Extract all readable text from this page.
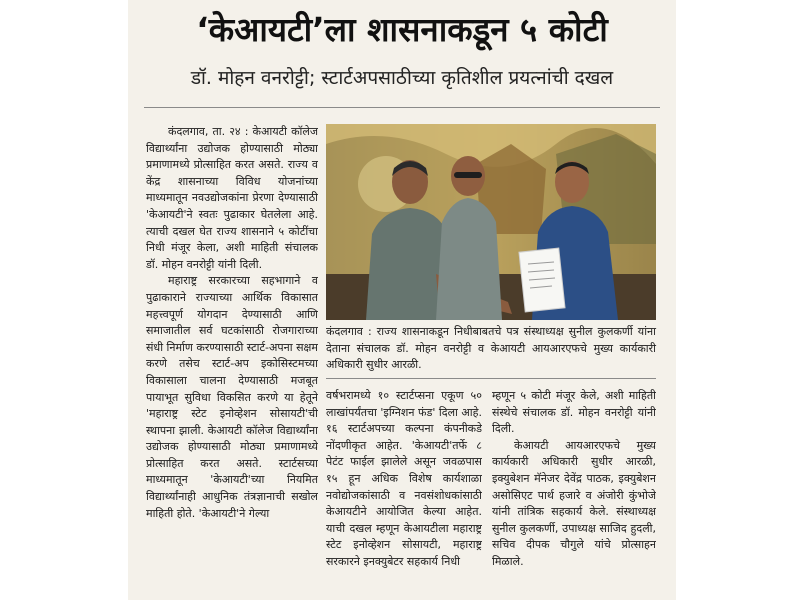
‘केआयटी’ला शासनाकडून ५ कोटी
डॉ. मोहन वनरोट्टी; स्टार्टअपसाठीच्या कृतिशील प्रयत्नांची दखल

कंदलगाव, ता. २४ : केआयटी कॉलेज विद्यार्थ्यांना उद्योजक होण्यासाठी मोठ्या प्रमाणामध्ये प्रोत्साहित करत असते. राज्य व केंद्र शासनाच्या विविध योजनांच्या माध्यमातून नवउद्योजकांना प्रेरणा देण्यासाठी 'केआयटी'ने स्वतः पुढाकार घेतलेला आहे. त्याची दखल घेत राज्य शासनाने ५ कोटींचा निधी मंजूर केला, अशी माहिती संचालक डॉ. मोहन वनरोट्टी यांनी दिली.

महाराष्ट्र सरकारच्या सहभागाने व पुढाकाराने राज्याच्या आर्थिक विकासात महत्त्वपूर्ण योगदान देण्यासाठी आणि समाजातील सर्व घटकांसाठी रोजगाराच्या संधी निर्माण करण्यासाठी स्टार्ट-अपना सक्षम करणे तसेच स्टार्ट-अप इकोसिस्टमच्या विकासाला चालना देण्यासाठी मजबूत पायाभूत सुविधा विकसित करणे या हेतूने 'महाराष्ट्र स्टेट इनोव्हेशन सोसायटी'ची स्थापना झाली. केआयटी कॉलेज विद्यार्थ्यांना उद्योजक होण्यासाठी मोठ्या प्रमाणामध्ये प्रोत्साहित करत असते. स्टार्टसच्या माध्यमातून 'केआयटी'च्या नियमित विद्यार्थ्यांनाही आधुनिक तंत्रज्ञानाची सखोल माहिती होते. 'केआयटी'ने गेल्या

कंदलगाव : राज्य शासनाकडून निधीबाबतचे पत्र संस्थाध्यक्ष सुनील कुलकर्णी यांना देताना संचालक डॉ. मोहन वनरोट्टी व केआयटी आयआरएफचे मुख्य कार्यकारी अधिकारी सुधीर आरळी.

वर्षभरामध्ये १० स्टार्टप्सना एकूण ५० लाखांपर्यंतचा 'इग्निशन फंड' दिला आहे. १६ स्टार्टअपच्या कल्पना कंपनीकडे नोंदणीकृत आहेत. 'केआयटी'तर्फे ८ पेटंट फाईल झालेले असून जवळपास १५ हून अधिक विशेष कार्यशाळा नवोद्योजकांसाठी व नवसंशोधकांसाठी केआयटीने आयोजित केल्या आहेत. याची दखल म्हणून केआयटीला महाराष्ट्र स्टेट इनोव्हेशन सोसायटी, महाराष्ट्र सरकारने इनक्युबेटर सहकार्य निधी

म्हणून ५ कोटी मंजूर केले, अशी माहिती संस्थेचे संचालक डॉ. मोहन वनरोट्टी यांनी दिली.

केआयटी आयआरएफचे मुख्य कार्यकारी अधिकारी सुधीर आरळी, इक्युबेशन मॅनेजर देवेंद्र पाठक, इक्युबेशन असोसिएट पार्थ हजारे व अंजोरी कुंभोजे यांनी तांत्रिक सहकार्य केले. संस्थाध्यक्ष सुनील कुलकर्णी, उपाध्यक्ष साजिद हुदली, सचिव दीपक चौगुले यांचे प्रोत्साहन मिळाले.
